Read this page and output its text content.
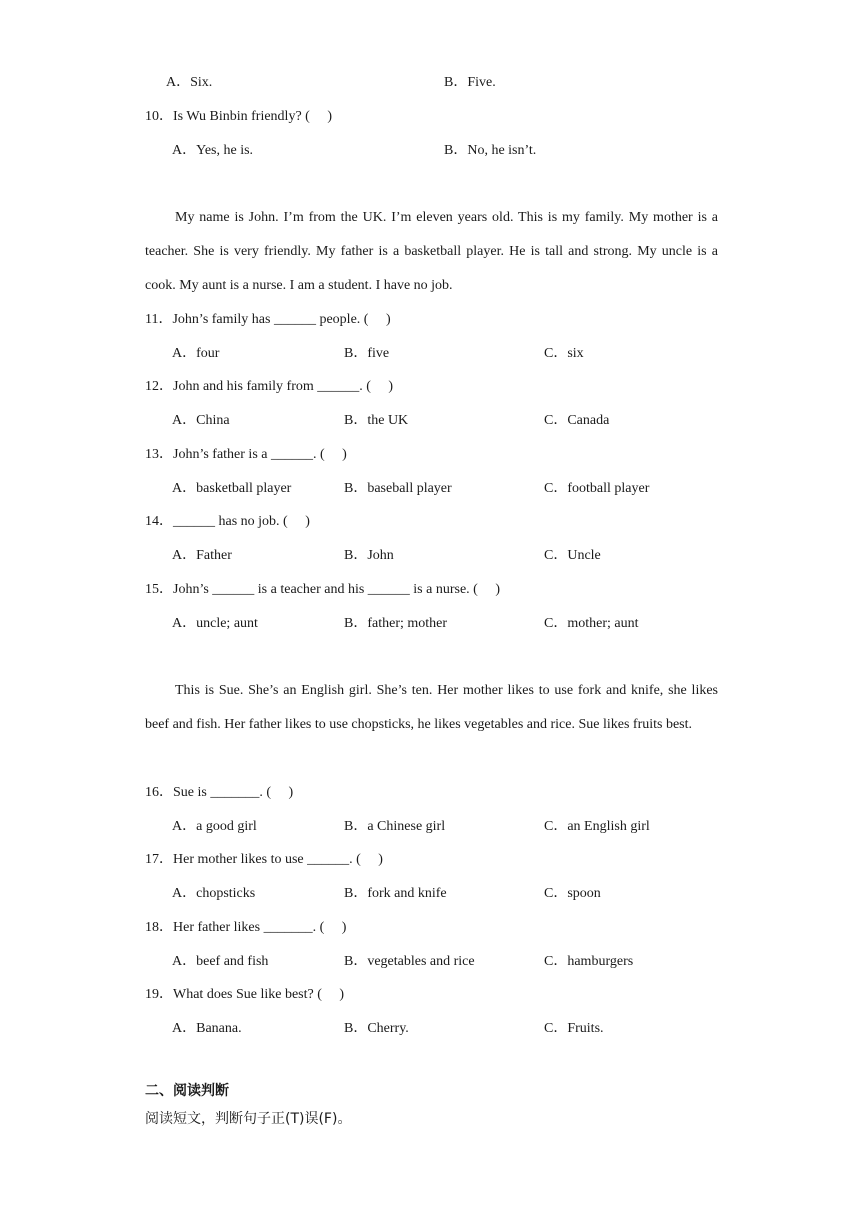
A．Six.	B．Five.
10．Is Wu Binbin friendly? (　 )
A．Yes, he is.	B．No, he isn’t.
My name is John. I’m from the UK. I’m eleven years old. This is my family. My mother is a teacher. She is very friendly. My father is a basketball player. He is tall and strong. My uncle is a cook. My aunt is a nurse. I am a student. I have no job.
11．John’s family has ______ people. (　 )
A．four	B．five	C．six
12．John and his family from ______. (　 )
A．China	B．the UK	C．Canada
13．John’s father is a ______. (　 )
A．basketball player	B．baseball player	C．football player
14．______ has no job. (　 )
A．Father	B．John	C．Uncle
15．John’s ______ is a teacher and his ______ is a nurse. (　 )
A．uncle; aunt	B．father; mother	C．mother; aunt
This is Sue. She’s an English girl. She’s ten. Her mother likes to use fork and knife, she likes beef and fish. Her father likes to use chopsticks, he likes vegetables and rice. Sue likes fruits best.
16．Sue is _______. (　 )
A．a good girl	B．a Chinese girl	C．an English girl
17．Her mother likes to use ______. (　 )
A．chopsticks	B．fork and knife	C．spoon
18．Her father likes _______. (　 )
A．beef and fish	B．vegetables and rice	C．hamburgers
19．What does Sue like best? (　 )
A．Banana.	B．Cherry.	C．Fruits.
二、阅读判断
阅读短文，判断句子正(T)误(F)。
